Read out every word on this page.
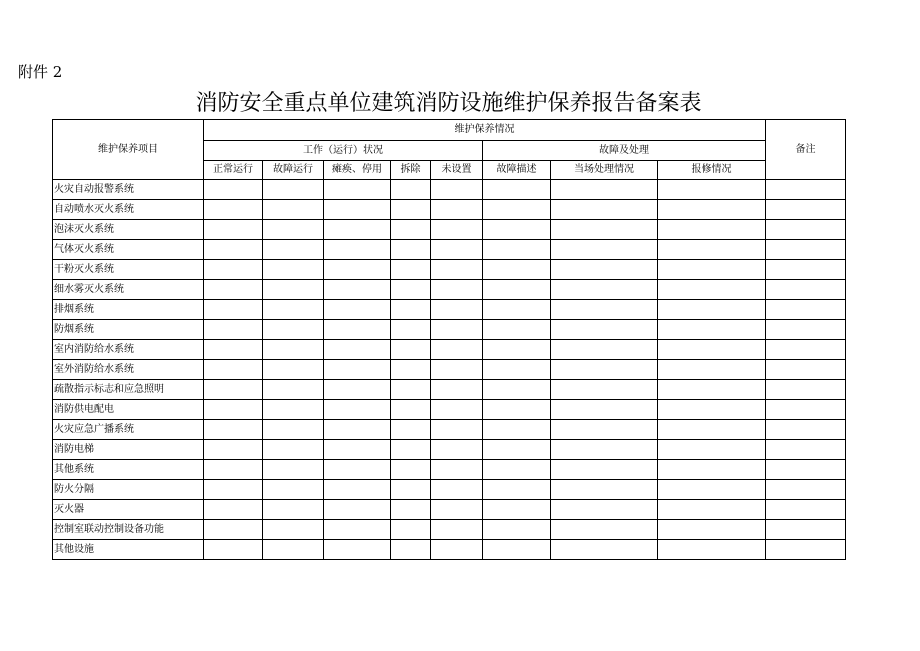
附件 2
消防安全重点单位建筑消防设施维护保养报告备案表
维护保养项目	维护保养情况								备注
	工作（运行）状况					故障及处理			
	正常运行	故障运行	瘫痪、停用	拆除	未设置	故障描述	当场处理情况	报修情况	
火灾自动报警系统									
自动喷水灭火系统									
泡沫灭火系统									
气体灭火系统									
干粉灭火系统									
细水雾灭火系统									
排烟系统									
防烟系统									
室内消防给水系统									
室外消防给水系统									
疏散指示标志和应急照明									
消防供电配电									
火灾应急广播系统									
消防电梯									
其他系统									
防火分隔									
灭火器									
控制室联动控制设备功能									
其他设施									
